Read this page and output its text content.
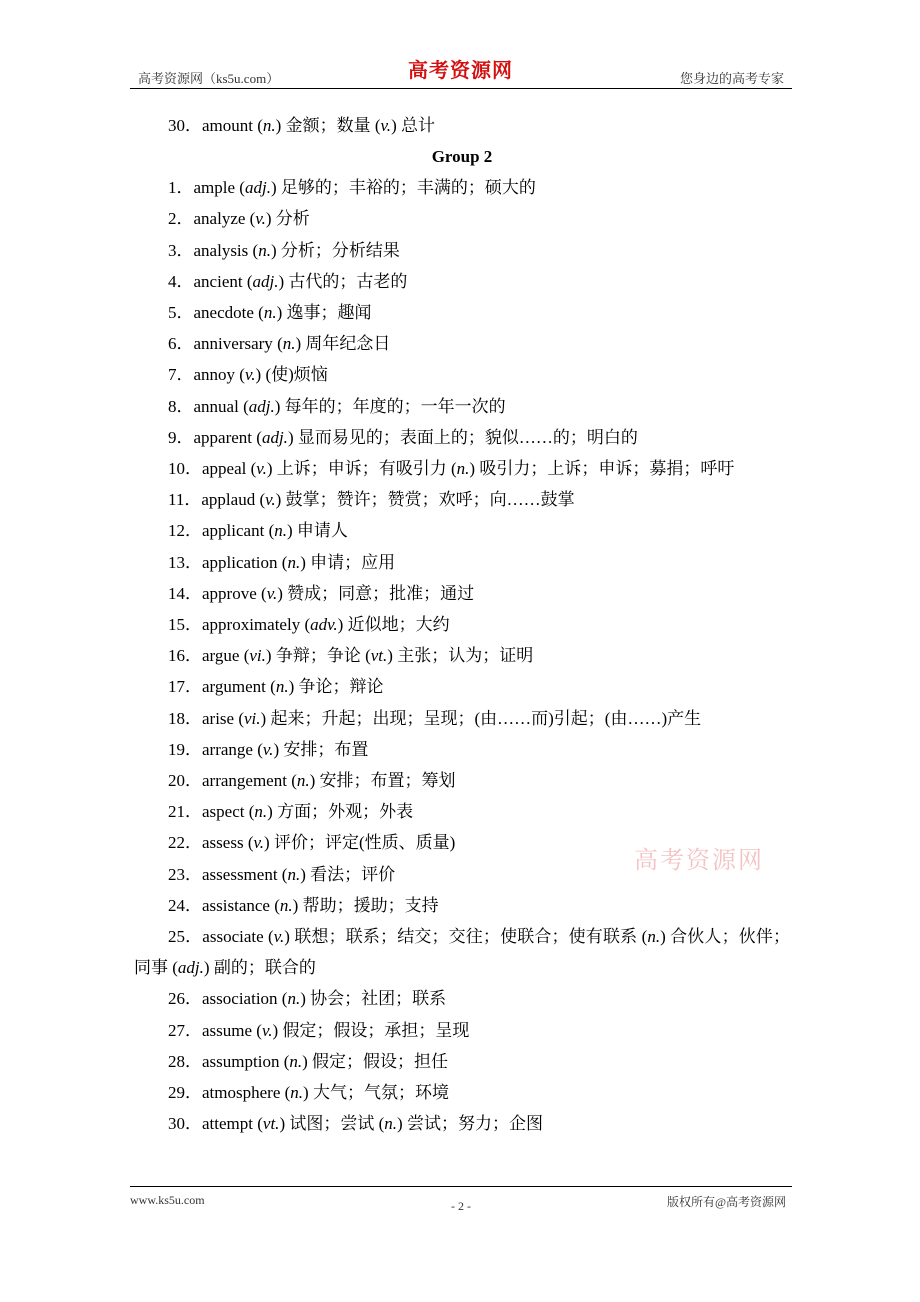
高考资源网（ks5u.com）	高考资源网	您身边的高考专家
30．amount (n.) 金额；数量 (v.) 总计
Group 2
1．ample (adj.) 足够的；丰裕的；丰满的；硕大的
2．analyze (v.) 分析
3．analysis (n.) 分析；分析结果
4．ancient (adj.) 古代的；古老的
5．anecdote (n.) 逸事；趣闻
6．anniversary (n.) 周年纪念日
7．annoy (v.) (使)烦恼
8．annual (adj.) 每年的；年度的；一年一次的
9．apparent (adj.) 显而易见的；表面上的；貌似……的；明白的
10．appeal (v.) 上诉；申诉；有吸引力 (n.) 吸引力；上诉；申诉；募捐；呼吁
11．applaud (v.) 鼓掌；赞许；赞赏；欢呼；向……鼓掌
12．applicant (n.) 申请人
13．application (n.) 申请；应用
14．approve (v.) 赞成；同意；批准；通过
15．approximately (adv.) 近似地；大约
16．argue (vi.) 争辩；争论 (vt.) 主张；认为；证明
17．argument (n.) 争论；辩论
18．arise (vi.) 起来；升起；出现；呈现；(由……而)引起；(由……)产生
19．arrange (v.) 安排；布置
20．arrangement (n.) 安排；布置；筹划
21．aspect (n.) 方面；外观；外表
22．assess (v.) 评价；评定(性质、质量)
23．assessment (n.) 看法；评价
24．assistance (n.) 帮助；援助；支持
25．associate (v.) 联想；联系；结交；交往；使联合；使有联系 (n.) 合伙人；伙伴；同事 (adj.) 副的；联合的
26．association (n.) 协会；社团；联系
27．assume (v.) 假定；假设；承担；呈现
28．assumption (n.) 假定；假设；担任
29．atmosphere (n.) 大气；气氛；环境
30．attempt (vt.) 试图；尝试 (n.) 尝试；努力；企图
高考资源网
www.ks5u.com	- 2 -	版权所有@高考资源网
